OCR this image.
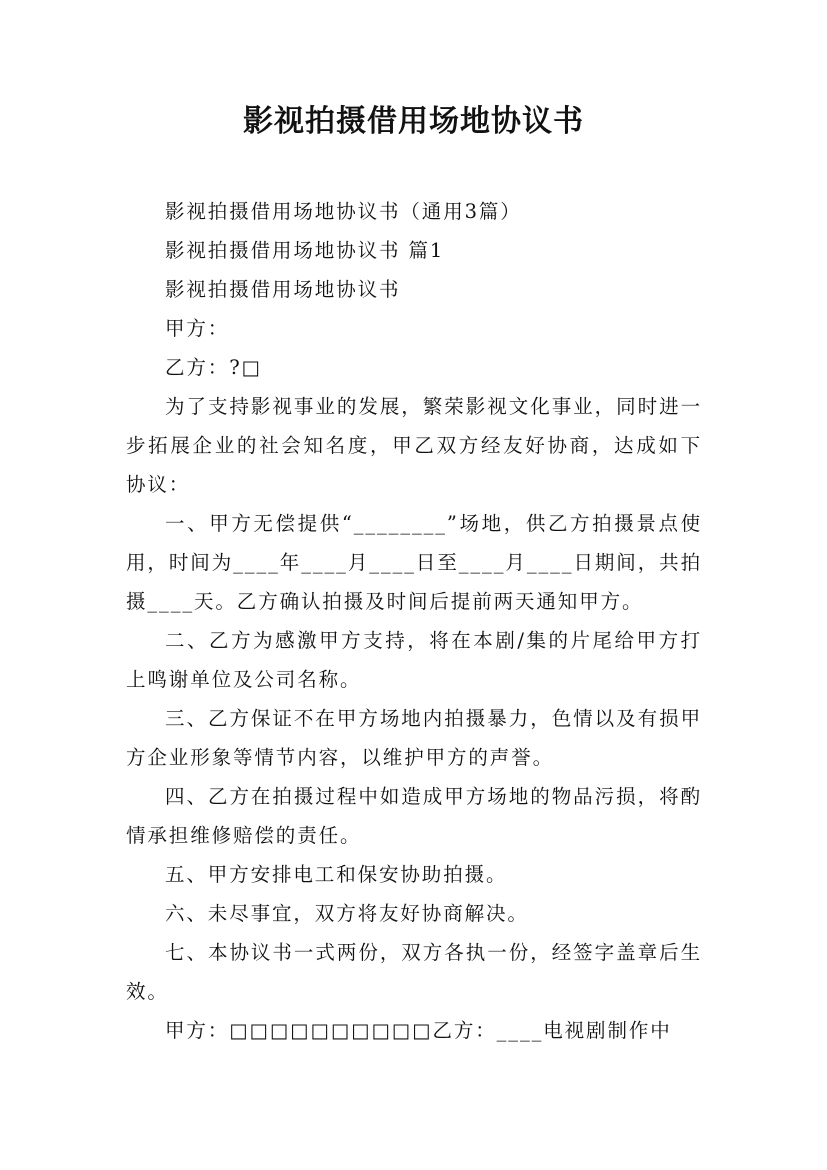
影视拍摄借用场地协议书

影视拍摄借用场地协议书（通用3篇）

影视拍摄借用场地协议书 篇1

影视拍摄借用场地协议书

甲方：

乙方：?□

为了支持影视事业的发展，繁荣影视文化事业，同时进一步拓展企业的社会知名度，甲乙双方经友好协商，达成如下协议：

一、甲方无偿提供“________”场地，供乙方拍摄景点使用，时间为____年____月____日至____月____日期间，共拍摄____天。乙方确认拍摄及时间后提前两天通知甲方。

二、乙方为感激甲方支持，将在本剧/集的片尾给甲方打上鸣谢单位及公司名称。

三、乙方保证不在甲方场地内拍摄暴力，色情以及有损甲方企业形象等情节内容，以维护甲方的声誉。

四、乙方在拍摄过程中如造成甲方场地的物品污损，将酌情承担维修赔偿的责任。

五、甲方安排电工和保安协助拍摄。

六、未尽事宜，双方将友好协商解决。

七、本协议书一式两份，双方各执一份，经签字盖章后生效。

甲方：□□□□□□□□□□乙方：____电视剧制作中
